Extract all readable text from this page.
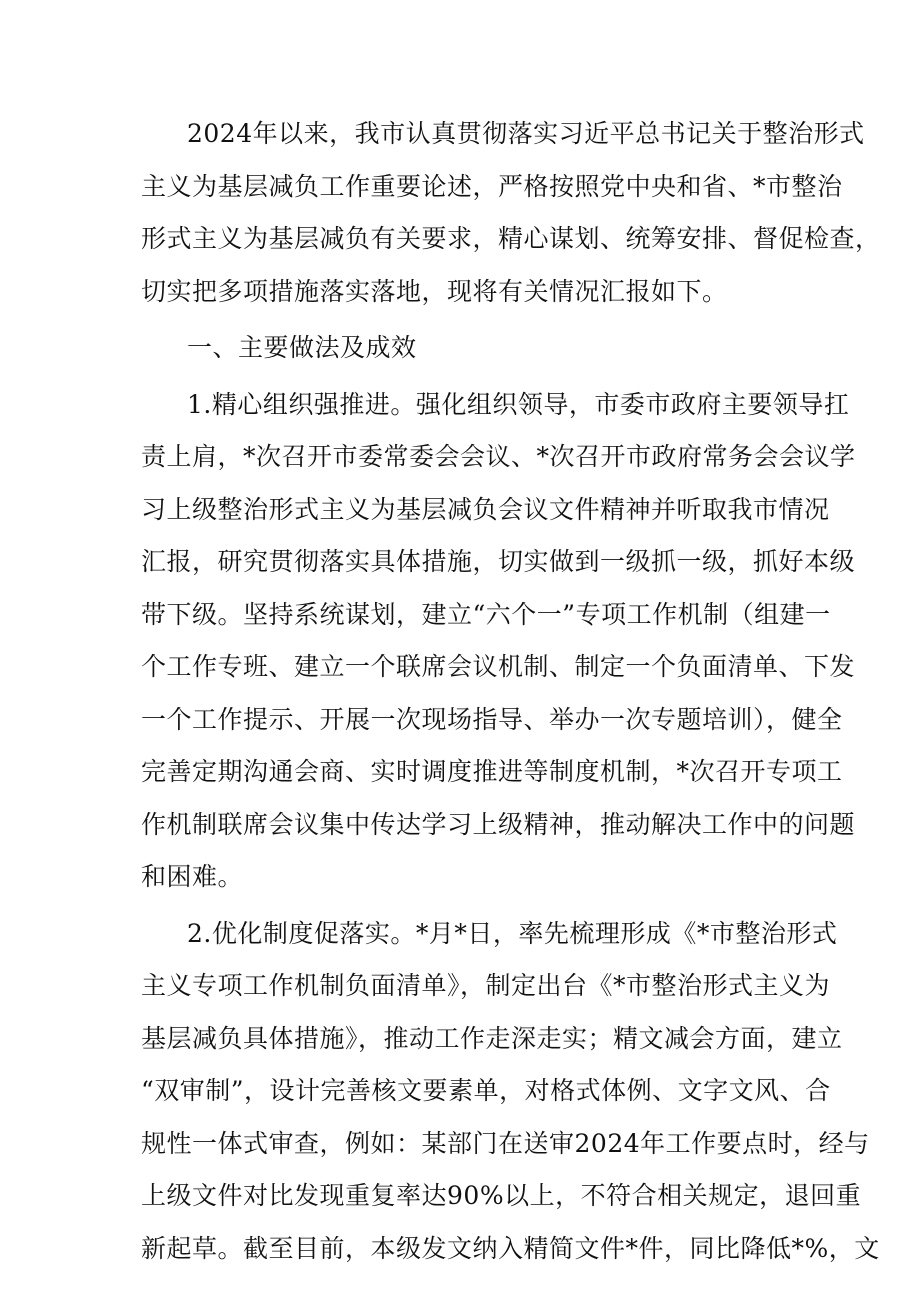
2024年以来，我市认真贯彻落实习近平总书记关于整治形式
主义为基层减负工作重要论述，严格按照党中央和省、*市整治
形式主义为基层减负有关要求，精心谋划、统筹安排、督促检查，
切实把多项措施落实落地，现将有关情况汇报如下。
一、主要做法及成效
1.精心组织强推进。强化组织领导，市委市政府主要领导扛
责上肩，*次召开市委常委会会议、*次召开市政府常务会会议学
习上级整治形式主义为基层减负会议文件精神并听取我市情况
汇报，研究贯彻落实具体措施，切实做到一级抓一级，抓好本级
带下级。坚持系统谋划，建立“六个一”专项工作机制（组建一
个工作专班、建立一个联席会议机制、制定一个负面清单、下发
一个工作提示、开展一次现场指导、举办一次专题培训），健全
完善定期沟通会商、实时调度推进等制度机制，*次召开专项工
作机制联席会议集中传达学习上级精神，推动解决工作中的问题
和困难。
2.优化制度促落实。*月*日，率先梳理形成《*市整治形式
主义专项工作机制负面清单》，制定出台《*市整治形式主义为
基层减负具体措施》，推动工作走深走实；精文减会方面，建立
“双审制”，设计完善核文要素单，对格式体例、文字文风、合
规性一体式审查，例如：某部门在送审2024年工作要点时，经与
上级文件对比发现重复率达90%以上，不符合相关规定，退回重
新起草。截至目前，本级发文纳入精简文件*件，同比降低*%，文
